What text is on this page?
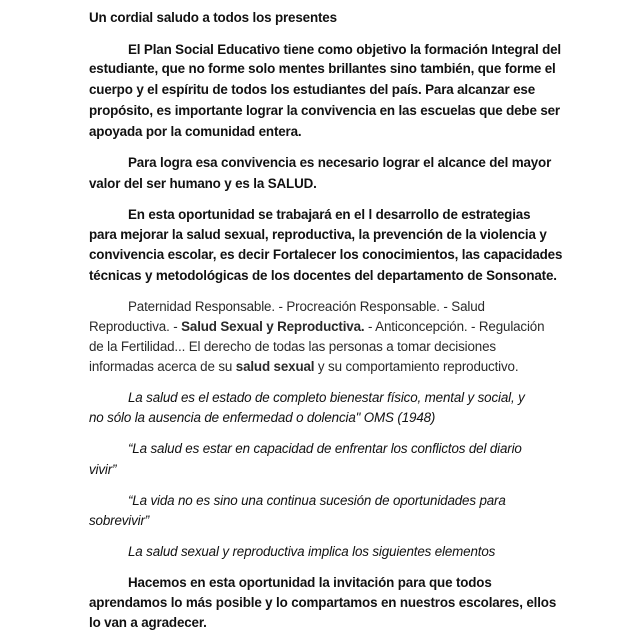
Un cordial saludo a todos los presentes
El Plan Social Educativo tiene como objetivo la formación Integral del
estudiante, que no forme solo mentes brillantes sino también, que forme el
cuerpo y el espíritu de todos los estudiantes del país. Para alcanzar ese
propósito, es importante lograr la convivencia en las escuelas que debe ser
apoyada por la comunidad entera.
Para logra esa convivencia es necesario lograr el alcance del mayor
valor del ser humano y es la SALUD.
En esta oportunidad se trabajará en el l desarrollo de estrategias
para mejorar la salud sexual, reproductiva, la prevención de la violencia y
convivencia escolar, es decir Fortalecer los conocimientos, las capacidades
técnicas y metodológicas de los docentes del departamento de Sonsonate.
Paternidad Responsable. - Procreación Responsable. - Salud
Reproductiva. - Salud Sexual y Reproductiva. - Anticoncepción. - Regulación
de la Fertilidad... El derecho de todas las personas a tomar decisiones
informadas acerca de su salud sexual y su comportamiento reproductivo.
La salud es el estado de completo bienestar físico, mental y social, y
no sólo la ausencia de enfermedad o dolencia" OMS (1948)
“La salud es estar en capacidad de enfrentar los conflictos del diario
vivir”
“La vida no es sino una continua sucesión de oportunidades para
sobrevivir”
La salud sexual y reproductiva implica los siguientes elementos
Hacemos en esta oportunidad la invitación para que todos
aprendamos lo más posible y lo compartamos en nuestros escolares, ellos
lo van a agradecer.
